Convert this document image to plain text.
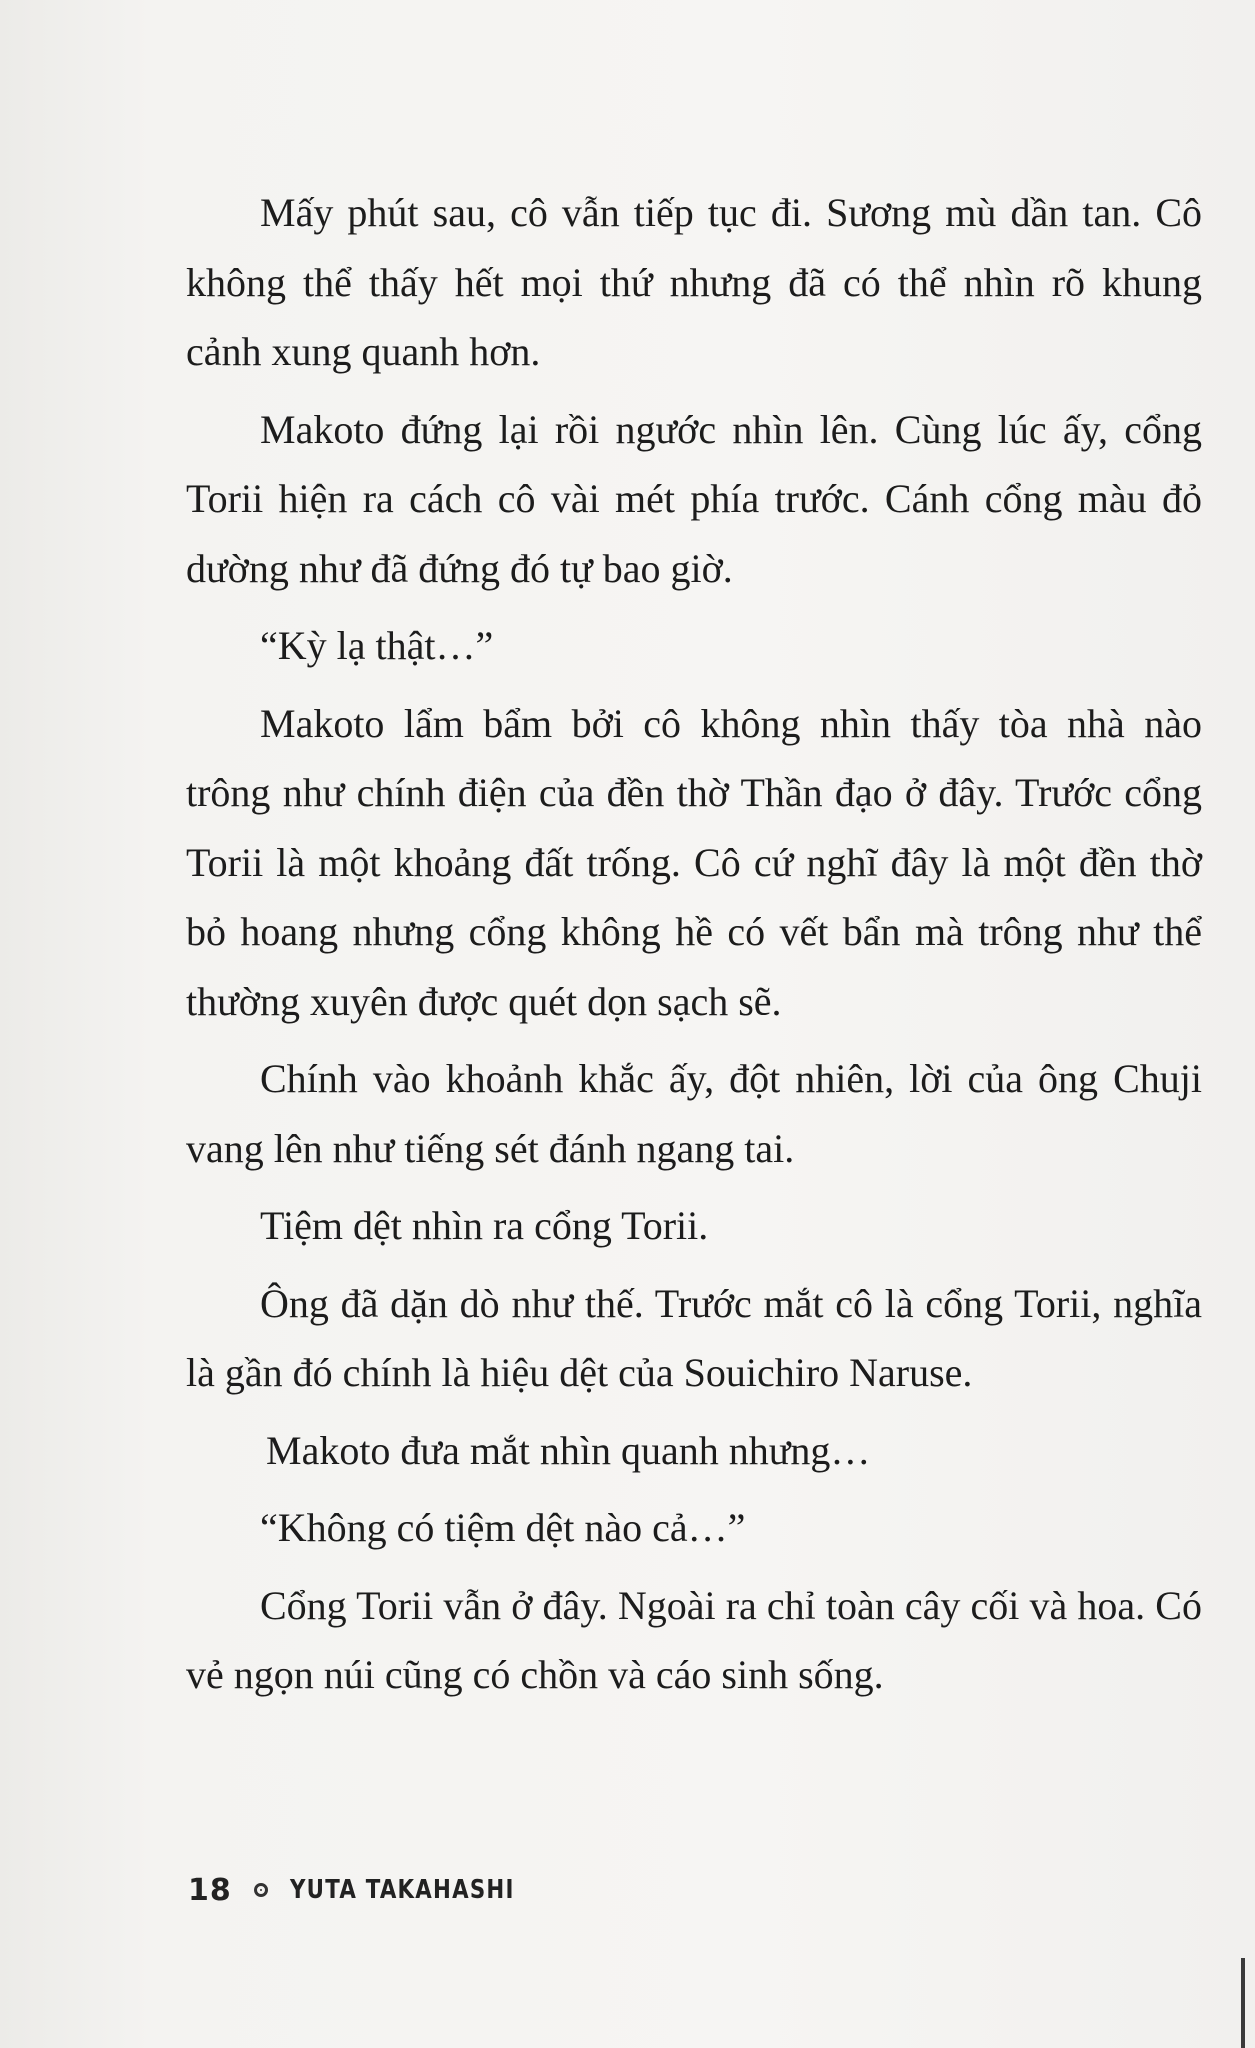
Mấy phút sau, cô vẫn tiếp tục đi. Sương mù dần tan. Cô không thể thấy hết mọi thứ nhưng đã có thể nhìn rõ khung cảnh xung quanh hơn.

Makoto đứng lại rồi ngước nhìn lên. Cùng lúc ấy, cổng Torii hiện ra cách cô vài mét phía trước. Cánh cổng màu đỏ dường như đã đứng đó tự bao giờ.

“Kỳ lạ thật…”

Makoto lẩm bẩm bởi cô không nhìn thấy tòa nhà nào trông như chính điện của đền thờ Thần đạo ở đây. Trước cổng Torii là một khoảng đất trống. Cô cứ nghĩ đây là một đền thờ bỏ hoang nhưng cổng không hề có vết bẩn mà trông như thể thường xuyên được quét dọn sạch sẽ.

Chính vào khoảnh khắc ấy, đột nhiên, lời của ông Chuji vang lên như tiếng sét đánh ngang tai.

Tiệm dệt nhìn ra cổng Torii.

Ông đã dặn dò như thế. Trước mắt cô là cổng Torii, nghĩa là gần đó chính là hiệu dệt của Souichiro Naruse.

Makoto đưa mắt nhìn quanh nhưng…

“Không có tiệm dệt nào cả…”

Cổng Torii vẫn ở đây. Ngoài ra chỉ toàn cây cối và hoa. Có vẻ ngọn núi cũng có chồn và cáo sinh sống.

18 YUTA TAKAHASHI
